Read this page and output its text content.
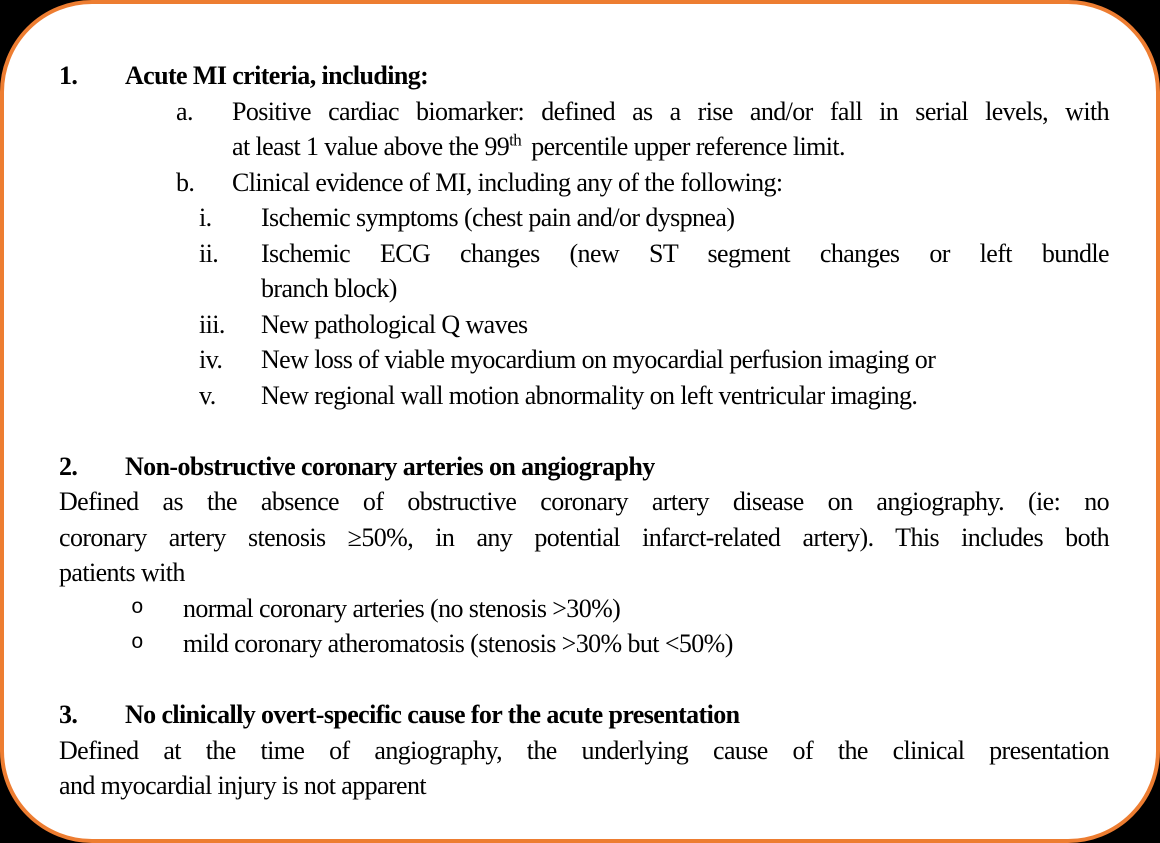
1.	Acute MI criteria, including:
a.	Positive cardiac biomarker: defined as a rise and/or fall in serial levels, with
at least 1 value above the 99th percentile upper reference limit.
b.	Clinical evidence of MI, including any of the following:
i.	Ischemic symptoms (chest pain and/or dyspnea)
ii.	Ischemic ECG changes (new ST segment changes or left bundle
branch block)
iii.	New pathological Q waves
iv.	New loss of viable myocardium on myocardial perfusion imaging or
v.	New regional wall motion abnormality on left ventricular imaging.
2.	Non-obstructive coronary arteries on angiography
Defined as the absence of obstructive coronary artery disease on angiography. (ie: no
coronary artery stenosis ≥50%, in any potential infarct-related artery). This includes both
patients with
o	normal coronary arteries (no stenosis >30%)
o	mild coronary atheromatosis (stenosis >30% but <50%)
3.	No clinically overt-specific cause for the acute presentation
Defined at the time of angiography, the underlying cause of the clinical presentation
and myocardial injury is not apparent
